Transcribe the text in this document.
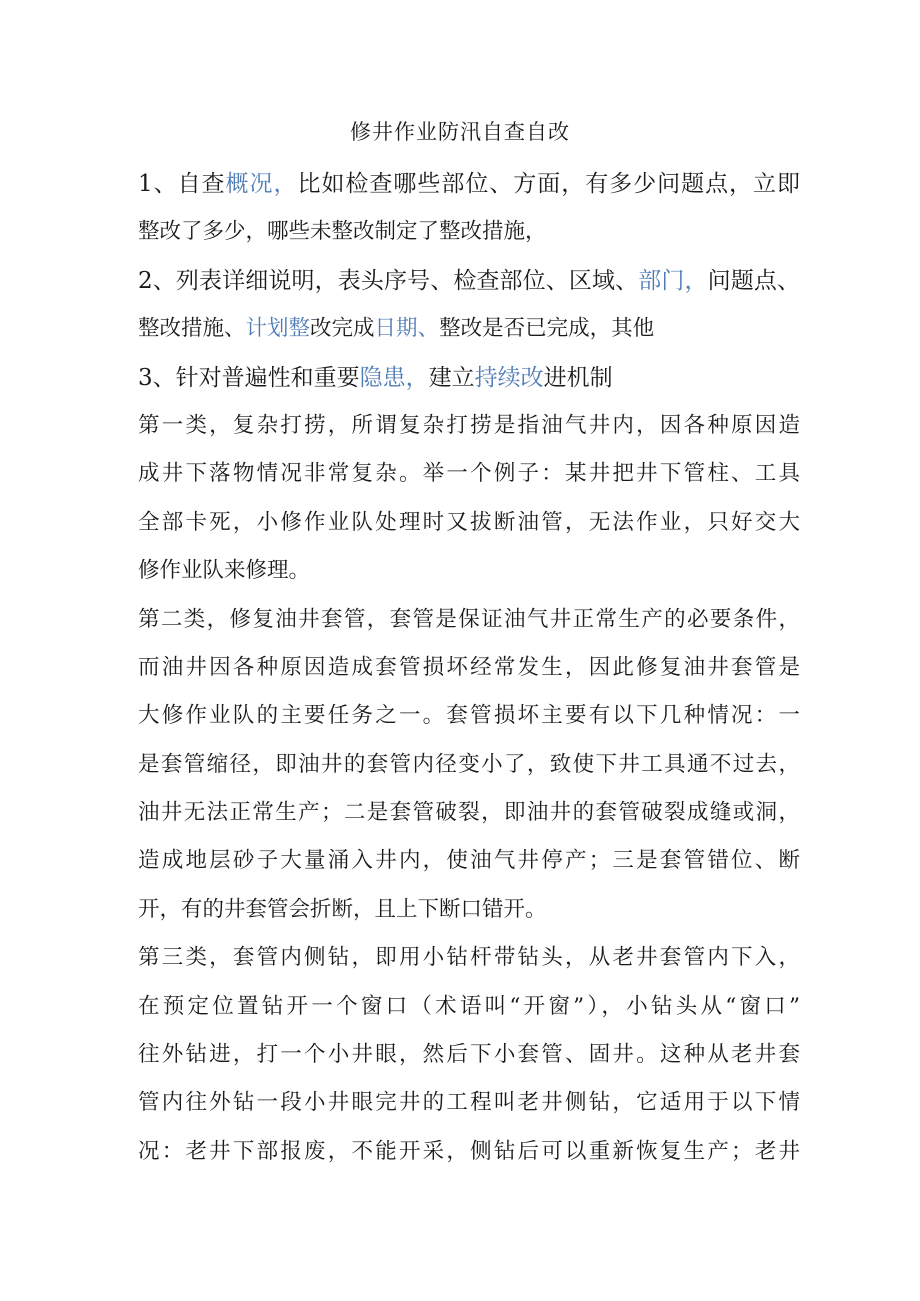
修井作业防汛自查自改
1、自查概况，比如检查哪些部位、方面，有多少问题点，立即
整改了多少，哪些未整改制定了整改措施，
2、列表详细说明，表头序号、检查部位、区域、部门，问题点、
整改措施、计划整改完成日期、整改是否已完成，其他
3、针对普遍性和重要隐患，建立持续改进机制
第一类，复杂打捞，所谓复杂打捞是指油气井内，因各种原因造
成井下落物情况非常复杂。举一个例子：某井把井下管柱、工具
全部卡死，小修作业队处理时又拔断油管，无法作业，只好交大
修作业队来修理。
第二类，修复油井套管，套管是保证油气井正常生产的必要条件，
而油井因各种原因造成套管损坏经常发生，因此修复油井套管是
大修作业队的主要任务之一。套管损坏主要有以下几种情况：一
是套管缩径，即油井的套管内径变小了，致使下井工具通不过去，
油井无法正常生产；二是套管破裂，即油井的套管破裂成缝或洞，
造成地层砂子大量涌入井内，使油气井停产；三是套管错位、断
开，有的井套管会折断，且上下断口错开。
第三类，套管内侧钻，即用小钻杆带钻头，从老井套管内下入，
在预定位置钻开一个窗口（术语叫“开窗”），小钻头从“窗口”
往外钻进，打一个小井眼，然后下小套管、固井。这种从老井套
管内往外钻一段小井眼完井的工程叫老井侧钻，它适用于以下情
况：老井下部报废，不能开采，侧钻后可以重新恢复生产；老井
